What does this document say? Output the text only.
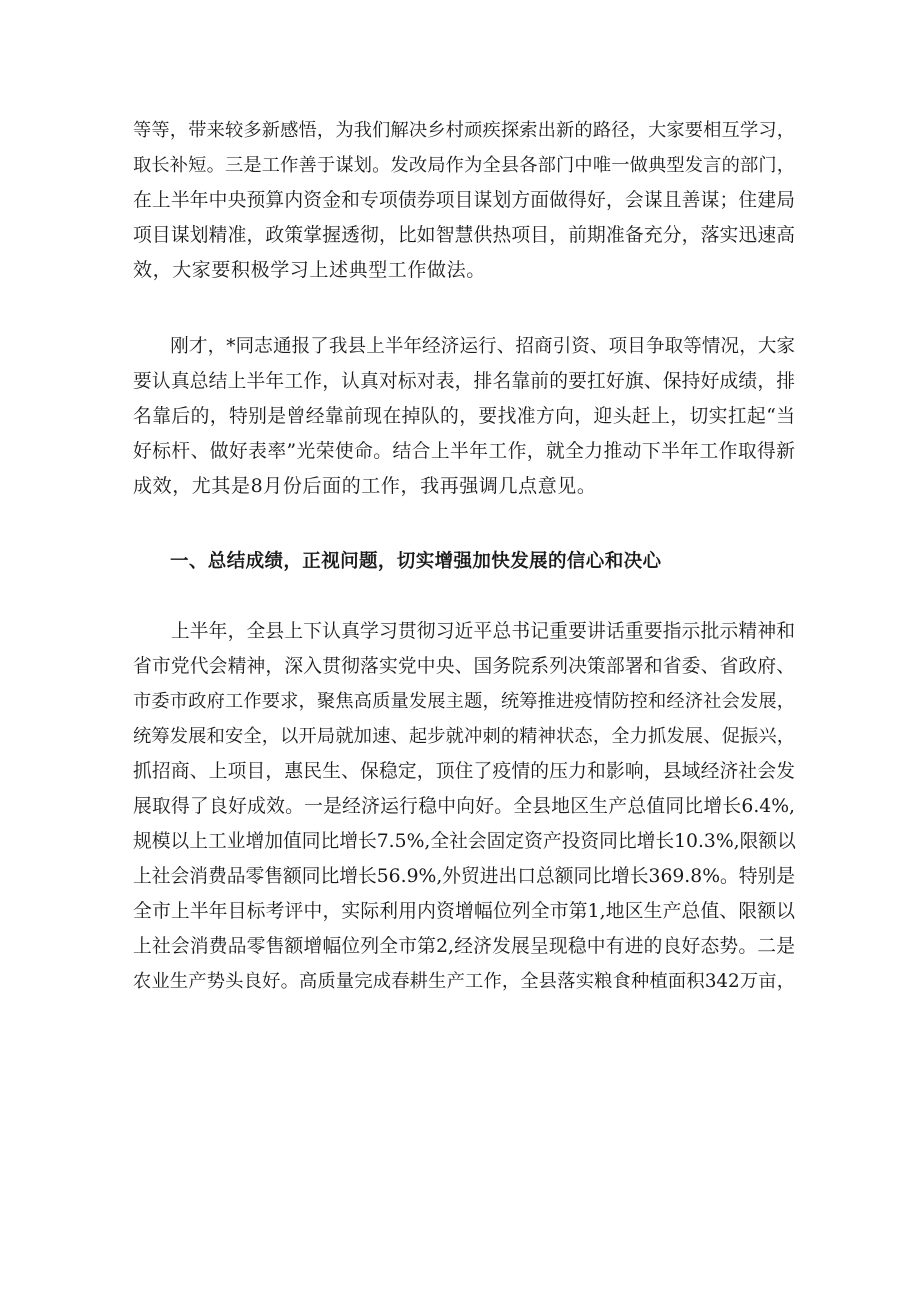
等等，带来较多新感悟，为我们解决乡村顽疾探索出新的路径，大家要相互学习，
取长补短。三是工作善于谋划。发改局作为全县各部门中唯一做典型发言的部门，
在上半年中央预算内资金和专项债券项目谋划方面做得好，会谋且善谋；住建局
项目谋划精准，政策掌握透彻，比如智慧供热项目，前期准备充分，落实迅速高
效，大家要积极学习上述典型工作做法。
　　刚才，*同志通报了我县上半年经济运行、招商引资、项目争取等情况，大家
要认真总结上半年工作，认真对标对表，排名靠前的要扛好旗、保持好成绩，排
名靠后的，特别是曾经靠前现在掉队的，要找准方向，迎头赶上，切实扛起“当
好标杆、做好表率”光荣使命。结合上半年工作，就全力推动下半年工作取得新
成效，尤其是8月份后面的工作，我再强调几点意见。
一、总结成绩，正视问题，切实增强加快发展的信心和决心
　　上半年，全县上下认真学习贯彻习近平总书记重要讲话重要指示批示精神和
省市党代会精神，深入贯彻落实党中央、国务院系列决策部署和省委、省政府、
市委市政府工作要求，聚焦高质量发展主题，统筹推进疫情防控和经济社会发展，
统筹发展和安全，以开局就加速、起步就冲刺的精神状态，全力抓发展、促振兴，
抓招商、上项目，惠民生、保稳定，顶住了疫情的压力和影响，县域经济社会发
展取得了良好成效。一是经济运行稳中向好。全县地区生产总值同比增长6.4%,
规模以上工业增加值同比增长7.5%,全社会固定资产投资同比增长10.3%,限额以
上社会消费品零售额同比增长56.9%,外贸进出口总额同比增长369.8%。特别是
全市上半年目标考评中，实际利用内资增幅位列全市第1,地区生产总值、限额以
上社会消费品零售额增幅位列全市第2,经济发展呈现稳中有进的良好态势。二是
农业生产势头良好。高质量完成春耕生产工作，全县落实粮食种植面积342万亩，
